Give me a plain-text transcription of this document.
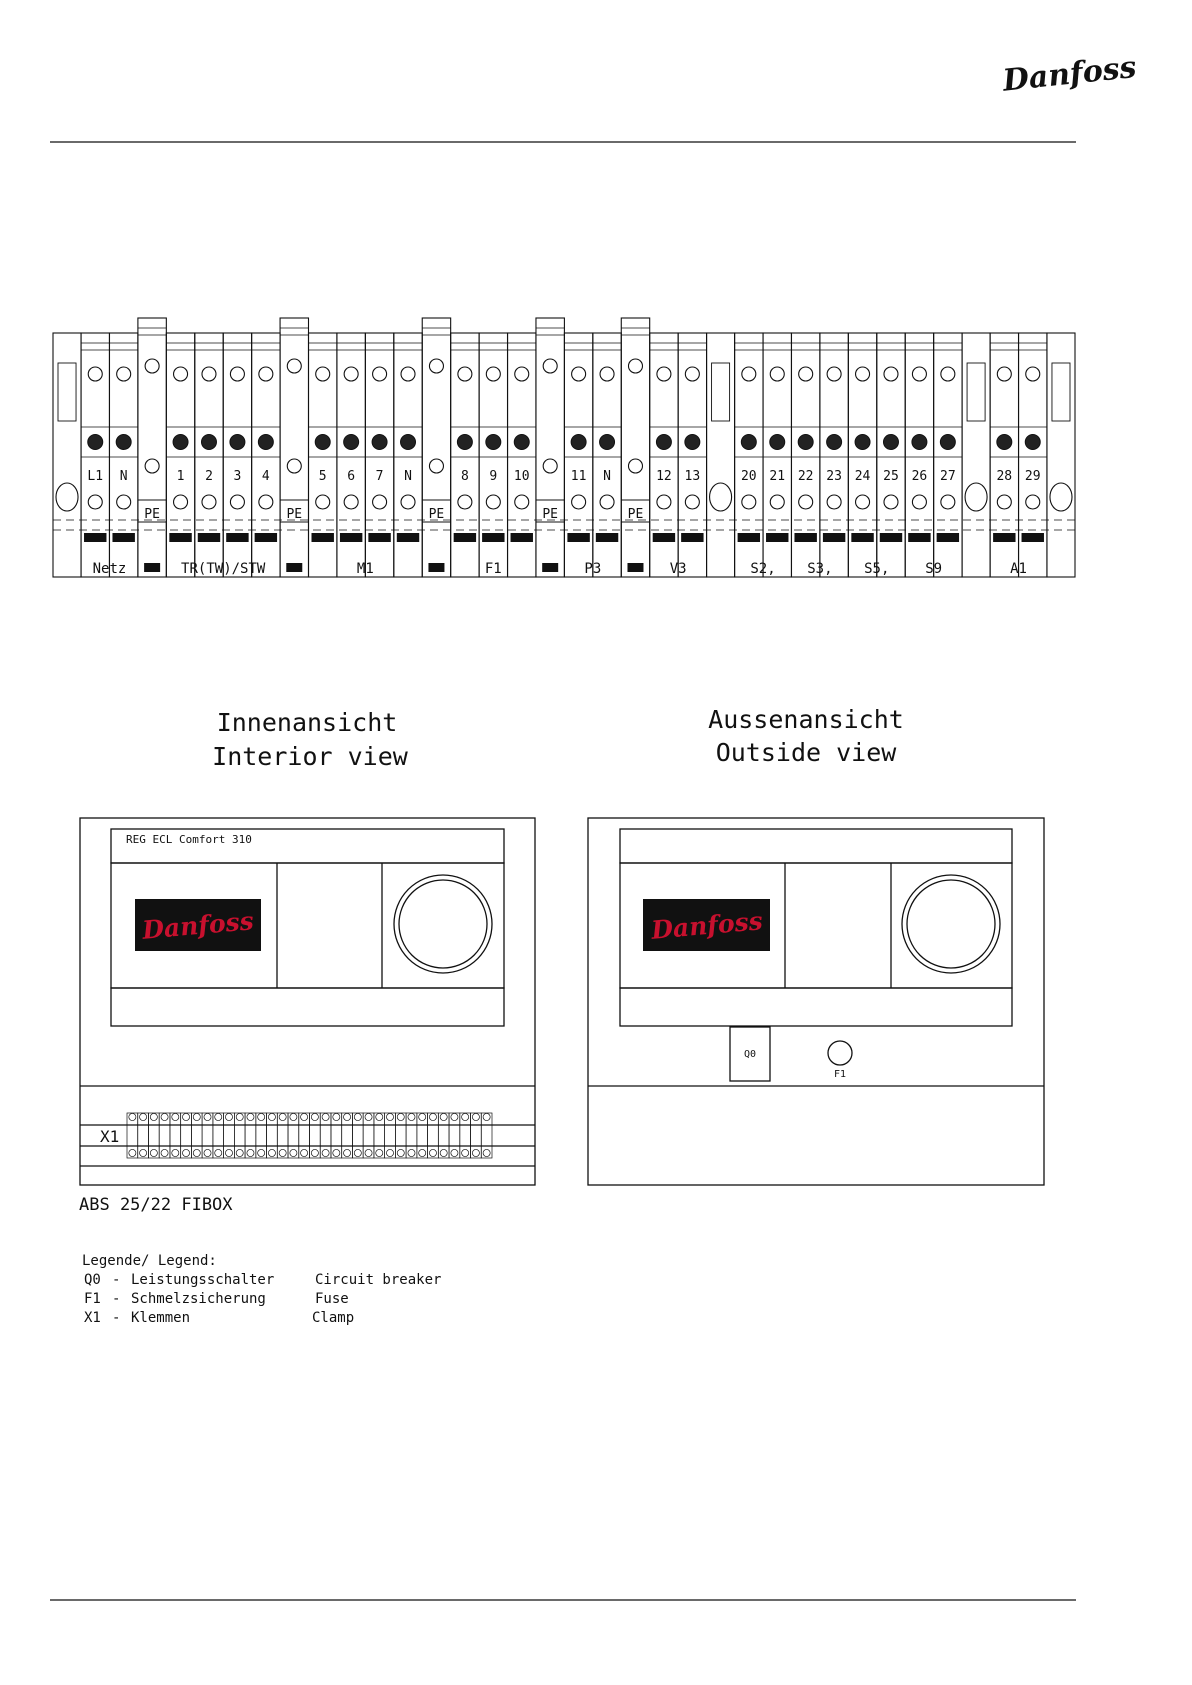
Danfoss
L1 N
PE
1 2 3 4
PE
5 6 7 N
PE
8 9 10
PE
11 N
PE
12 13	20 21 22 23 24 25 26 27	28 29
Netz	TR(TW)/STW	M1	F1	P3	V3	S2, S3, S5,	S9	A1
Innenansicht
Interior view
Aussenansicht
Outside view
REG ECL Comfort 310
Danfoss
X1
Danfoss
Q0
F1
ABS 25/22 FIBOX
Legende/ Legend:
Q0 - Leistungsschalter	Circuit breaker
F1 - Schmelzsicherung	Fuse
X1 - Klemmen	Clamp
